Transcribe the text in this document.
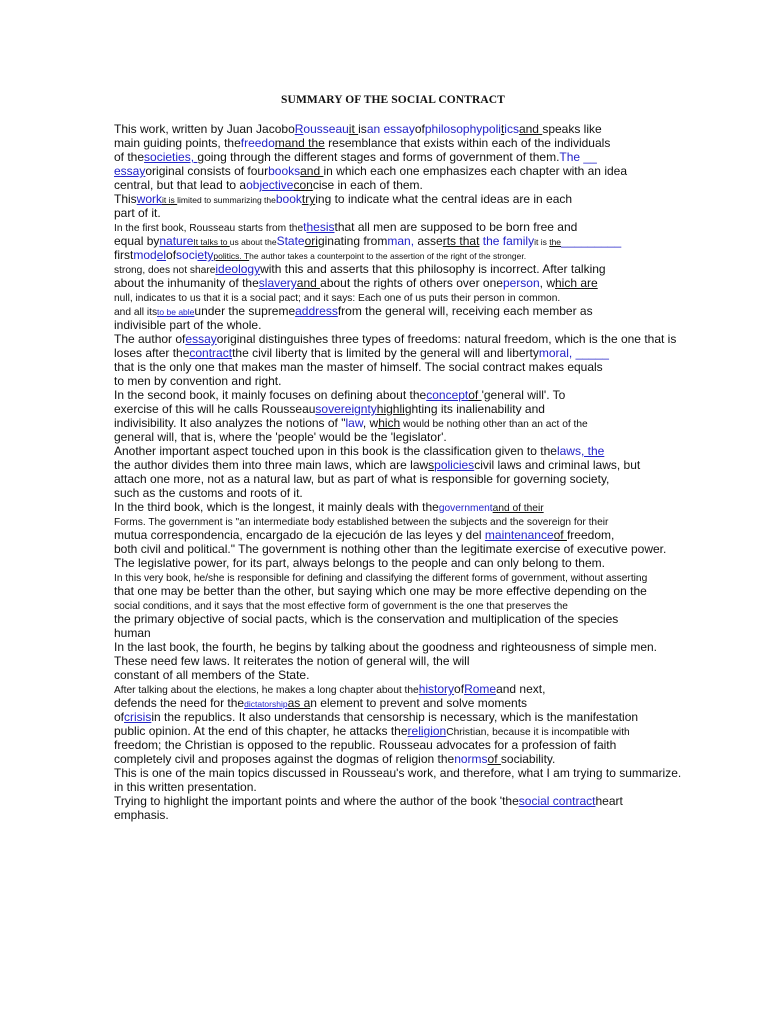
SUMMARY OF THE SOCIAL CONTRACT
This work, written by Juan JacoboRousseauit isan essayofphilosophypoliticsand speaks like
main guiding points, thefreedomand the resemblance that exists within each of the individuals
of thesocieties, going through the different stages and forms of government of them.The __
essayoriginal consists of fourbooksand in which each one emphasizes each chapter with an idea
central, but that lead to aobjectiveconcise in each of them.
Thisworkit is limited to summarizing thebooktrying to indicate what the central ideas are in each
part of it.
In the first book, Rousseau starts from thethesisthat all men are supposed to be born free and
equal bynatureIt talks to us about theStateoriginating fromman, asserts that the familyit is the_________
firstmodelofsocietypolitics. The author takes a counterpoint to the assertion of the right of the stronger.
strong, does not shareideologywith this and asserts that this philosophy is incorrect. After talking
about the inhumanity of theslaveryand about the rights of others over oneperson, which are
null, indicates to us that it is a social pact; and it says: Each one of us puts their person in common.
and all itsto be ableunder the supremeaddressfrom the general will, receiving each member as
indivisible part of the whole.
The author ofessayoriginal distinguishes three types of freedoms: natural freedom, which is the one that is
loses after thecontractthe civil liberty that is limited by the general will and libertymoral, _____
that is the only one that makes man the master of himself. The social contract makes equals
to men by convention and right.
In the second book, it mainly focuses on defining about theconceptof 'general will'. To
exercise of this will he calls Rousseausovereigntyhighlighting its inalienability and
indivisibility. It also analyzes the notions of "law, which would be nothing other than an act of the
general will, that is, where the 'people' would be the 'legislator'.
Another important aspect touched upon in this book is the classification given to thelaws, the
the author divides them into three main laws, which are lawspoliciescivil laws and criminal laws, but
attach one more, not as a natural law, but as part of what is responsible for governing society,
such as the customs and roots of it.
In the third book, which is the longest, it mainly deals with thegovernmentand of their
Forms. The government is "an intermediate body established between the subjects and the sovereign for their
mutua correspondencia, encargado de la ejecución de las leyes y del maintenanceof freedom,
both civil and political." The government is nothing other than the legitimate exercise of executive power.
The legislative power, for its part, always belongs to the people and can only belong to them.
In this very book, he/she is responsible for defining and classifying the different forms of government, without asserting
that one may be better than the other, but saying which one may be more effective depending on the
social conditions, and it says that the most effective form of government is the one that preserves the
the primary objective of social pacts, which is the conservation and multiplication of the species
human
In the last book, the fourth, he begins by talking about the goodness and righteousness of simple men.
These need few laws. It reiterates the notion of general will, the will
constant of all members of the State.
After talking about the elections, he makes a long chapter about thehistoryofRomeand next,
defends the need for thedictatorshipas an element to prevent and solve moments
ofcrisisin the republics. It also understands that censorship is necessary, which is the manifestation
public opinion. At the end of this chapter, he attacks thereligionChristian, because it is incompatible with
freedom; the Christian is opposed to the republic. Rousseau advocates for a profession of faith
completely civil and proposes against the dogmas of religion thenormsof sociability.
This is one of the main topics discussed in Rousseau's work, and therefore, what I am trying to summarize.
in this written presentation.
Trying to highlight the important points and where the author of the book 'thesocial contractheart
emphasis.
